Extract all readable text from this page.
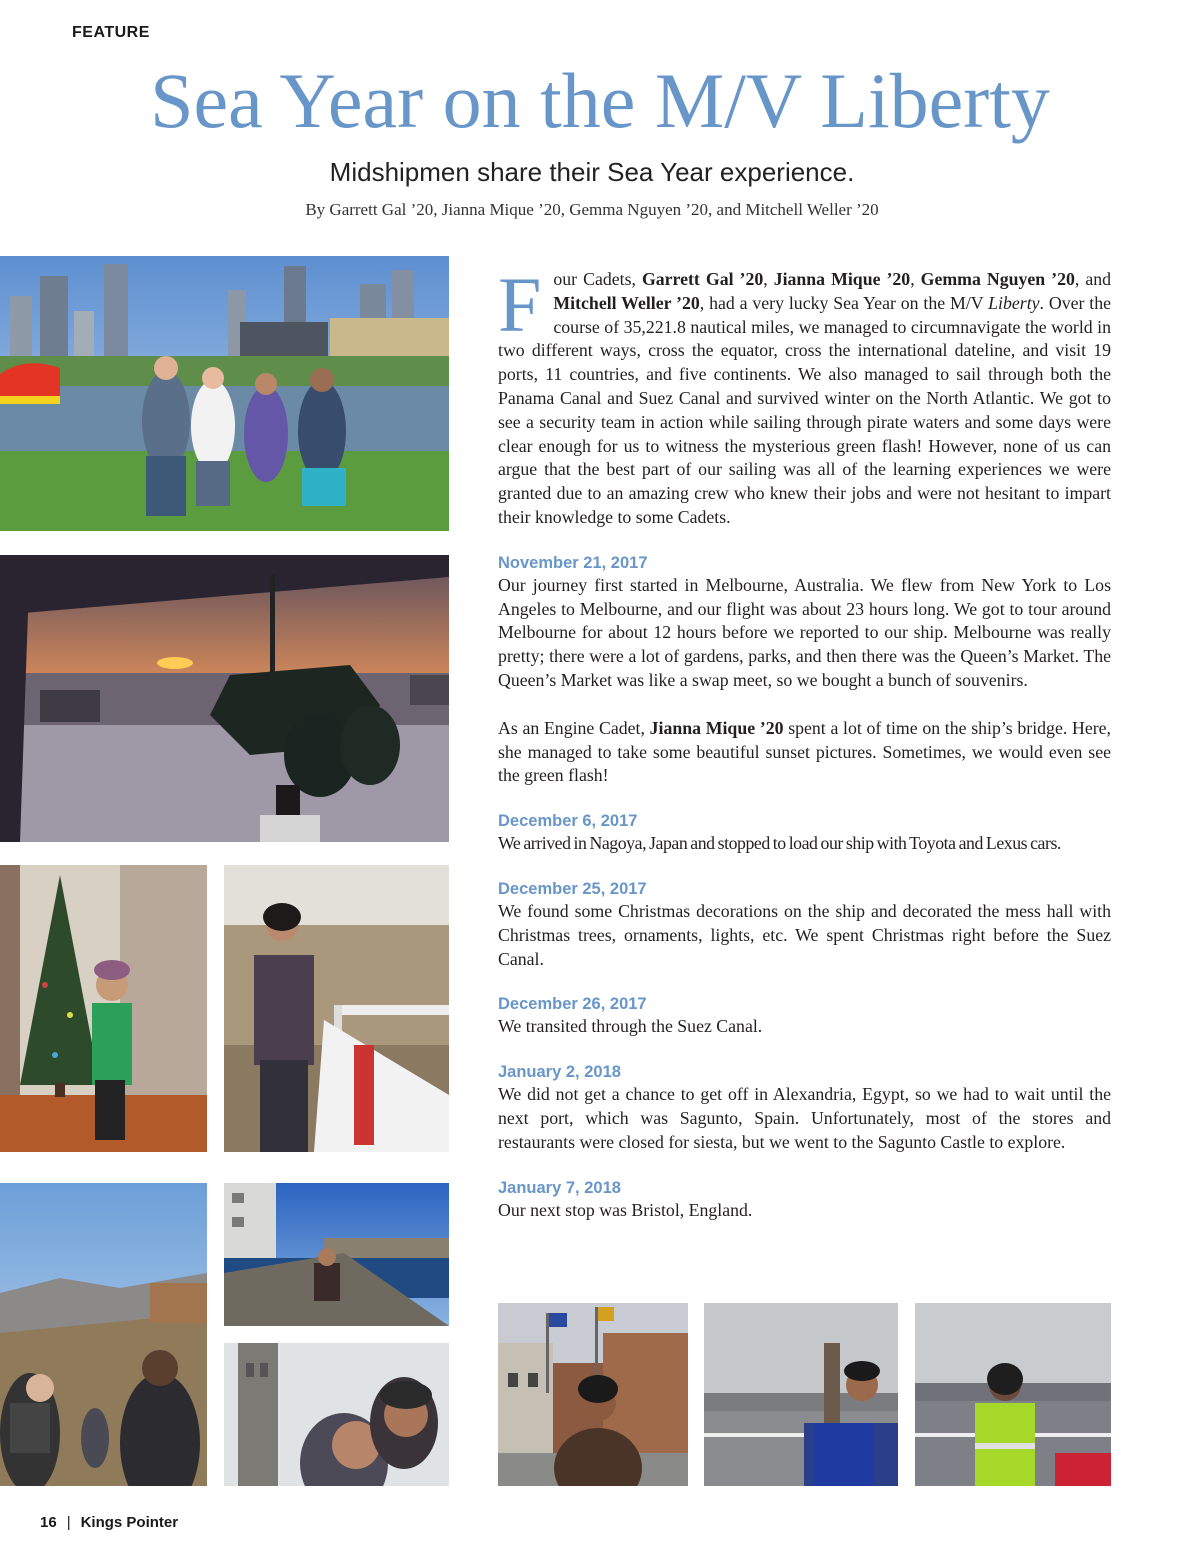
FEATURE
Sea Year on the M/V Liberty
Midshipmen share their Sea Year experience.
By Garrett Gal ’20, Jianna Mique ’20, Gemma Nguyen ’20, and Mitchell Weller ’20

Four Cadets, Garrett Gal ’20, Jianna Mique ’20, Gemma Nguyen ’20, and Mitchell Weller ’20, had a very lucky Sea Year on the M/V Liberty. Over the course of 35,221.8 nautical miles, we managed to circumnavigate the world in two different ways, cross the equator, cross the international dateline, and visit 19 ports, 11 countries, and five continents. We also managed to sail through both the Panama Canal and Suez Canal and survived winter on the North Atlantic. We got to see a security team in action while sailing through pirate waters and some days were clear enough for us to witness the mysterious green flash! However, none of us can argue that the best part of our sailing was all of the learning experiences we were granted due to an amazing crew who knew their jobs and were not hesitant to impart their knowledge to some Cadets.

November 21, 2017

Our journey first started in Melbourne, Australia. We flew from New York to Los Angeles to Melbourne, and our flight was about 23 hours long. We got to tour around Melbourne for about 12 hours before we reported to our ship. Melbourne was really pretty; there were a lot of gardens, parks, and then there was the Queen’s Market. The Queen’s Market was like a swap meet, so we bought a bunch of souvenirs.

As an Engine Cadet, Jianna Mique ’20 spent a lot of time on the ship’s bridge. Here, she managed to take some beautiful sunset pictures. Sometimes, we would even see the green flash!

December 6, 2017

We arrived in Nagoya, Japan and stopped to load our ship with Toyota and Lexus cars.

December 25, 2017

We found some Christmas decorations on the ship and decorated the mess hall with Christmas trees, ornaments, lights, etc. We spent Christmas right before the Suez Canal.

December 26, 2017

We transited through the Suez Canal.

January 2, 2018

We did not get a chance to get off in Alexandria, Egypt, so we had to wait until the next port, which was Sagunto, Spain. Unfortunately, most of the stores and restaurants were closed for siesta, but we went to the Sagunto Castle to explore.

January 7, 2018

Our next stop was Bristol, England.

16 | Kings Pointer
